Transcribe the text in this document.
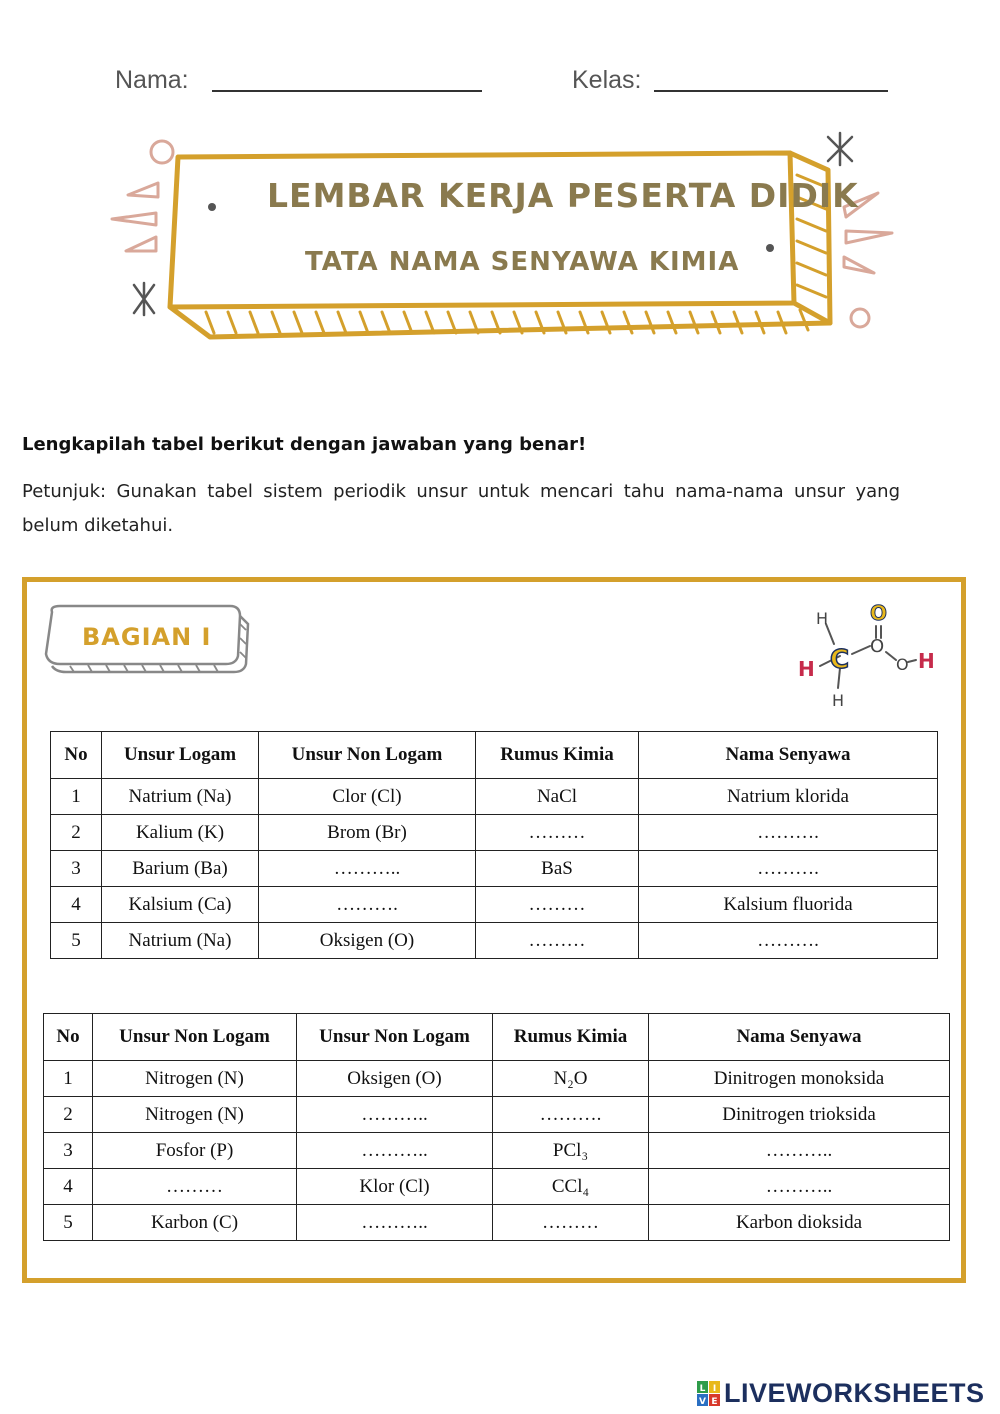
Nama:	Kelas:
LEMBAR KERJA PESERTA DIDIK
TATA NAMA SENYAWA KIMIA
Lengkapilah tabel berikut dengan jawaban yang benar!
Petunjuk: Gunakan tabel sistem periodik unsur untuk mencari tahu nama-nama unsur yang belum diketahui.
BAGIAN I
H C O
O
H
H
H
O
No	Unsur Logam	Unsur Non Logam	Rumus Kimia	Nama Senyawa
1	Natrium (Na)	Clor (Cl)	NaCl	Natrium klorida
2	Kalium (K)	Brom (Br)	………	……….
3	Barium (Ba)	………..	BaS	……….
4	Kalsium (Ca)	……….	………	Kalsium fluorida
5	Natrium (Na)	Oksigen (O)	………	……….
No	Unsur Non Logam	Unsur Non Logam	Rumus Kimia	Nama Senyawa
1	Nitrogen (N)	Oksigen (O)	N₂O	Dinitrogen monoksida
2	Nitrogen (N)	………..	……….	Dinitrogen trioksida
3	Fosfor (P)	………..	PCl₃	………..
4	………	Klor (Cl)	CCl₄	………..
5	Karbon (C)	………..	………	Karbon dioksida
L I
V E LIVEWORKSHEETS
